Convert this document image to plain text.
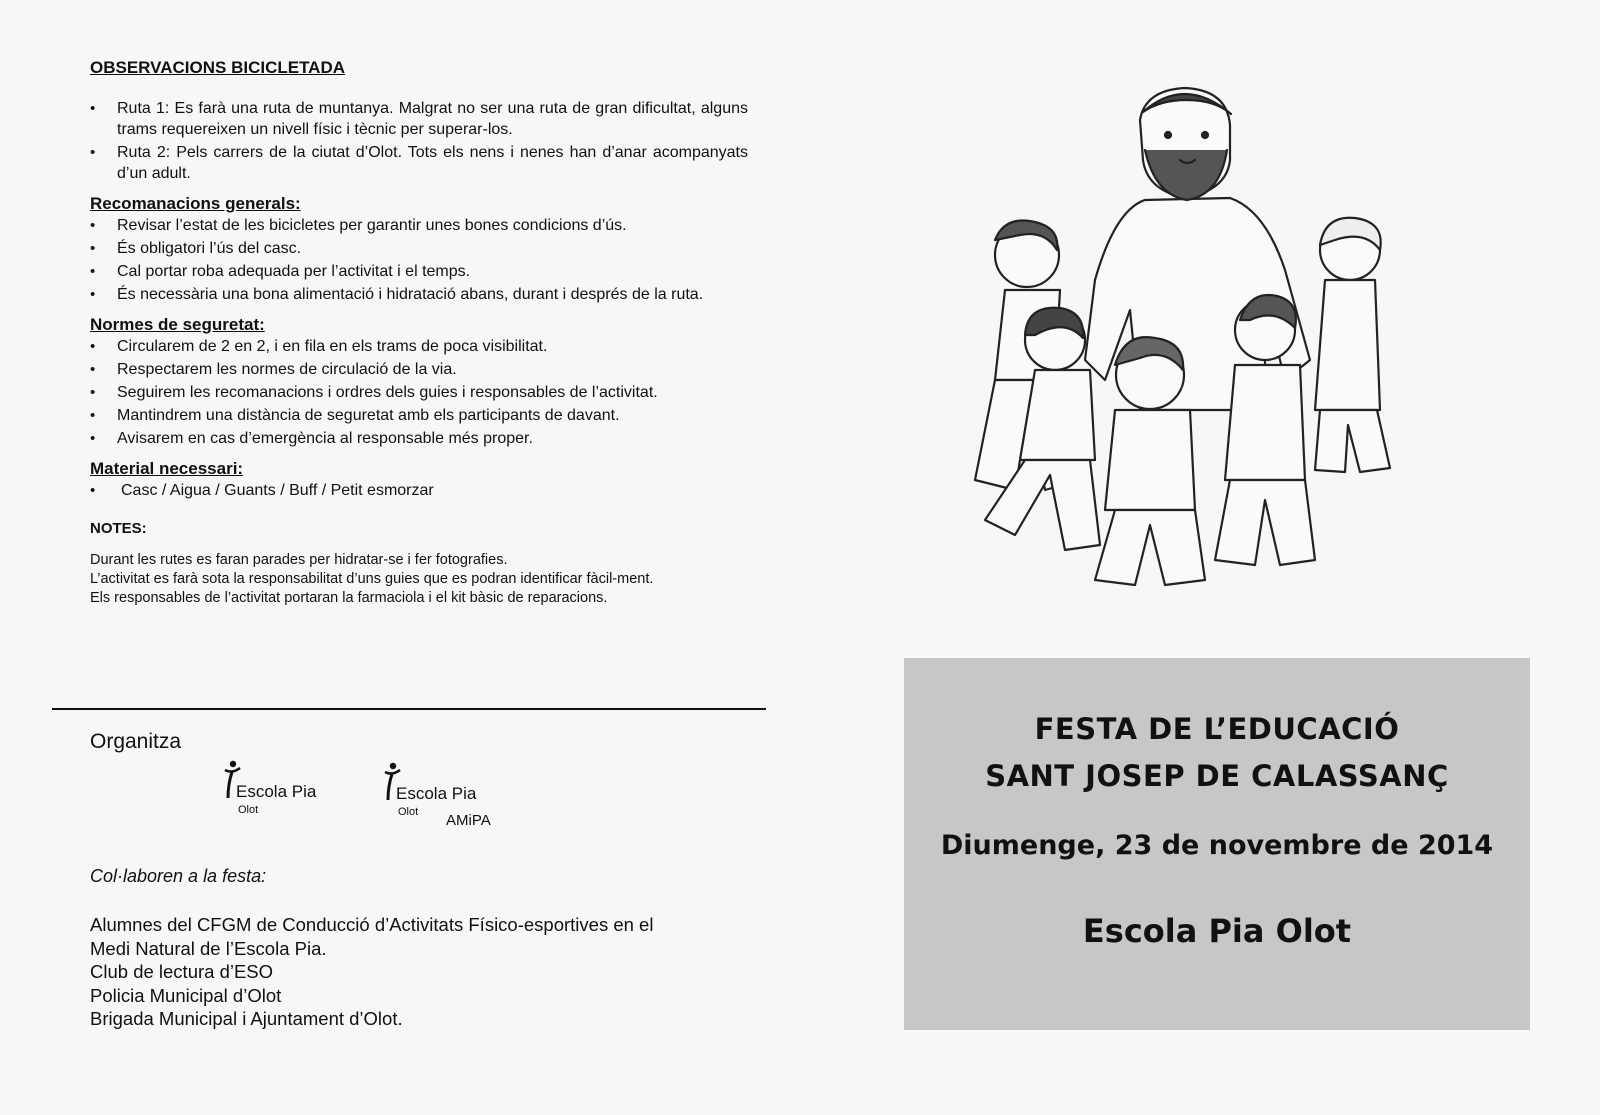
OBSERVACIONS BICICLETADA
• Ruta 1: Es farà una ruta de muntanya. Malgrat no ser una ruta de gran dificultat, alguns trams requereixen un nivell físic i tècnic per superar-los.
• Ruta 2: Pels carrers de la ciutat d’Olot. Tots els nens i nenes han d’anar acompanyats d’un adult.
Recomanacions generals:
• Revisar l’estat de les bicicletes per garantir unes bones condicions d’ús.
• És obligatori l’ús del casc.
• Cal portar roba adequada per l’activitat i el temps.
• És necessària una bona alimentació i hidratació abans, durant i després de la ruta.
Normes de seguretat:
• Circularem de 2 en 2, i en fila en els trams de poca visibilitat.
• Respectarem les normes de circulació de la via.
• Seguirem les recomanacions i ordres dels guies i responsables de l’activitat.
• Mantindrem una distància de seguretat amb els participants de davant.
• Avisarem en cas d’emergència al responsable més proper.
Material necessari:
• Casc / Aigua / Guants / Buff / Petit esmorzar
NOTES:

Durant les rutes es faran parades per hidratar-se i fer fotografies.

L’activitat es farà sota la responsabilitat d’uns guies que es podran identificar fàcil-ment.

Els responsables de l’activitat portaran la farmaciola i el kit bàsic de reparacions.

Organitza
Escola Pia
Olot
Escola Pia
Olot AMiPA
Col·laboren a la festa:
Alumnes del CFGM de Conducció d’Activitats Físico-esportives en el
Medi Natural de l’Escola Pia.
Club de lectura d’ESO
Policia Municipal d’Olot
Brigada Municipal i Ajuntament d’Olot.
FESTA DE L’EDUCACIÓ
SANT JOSEP DE CALASSANÇ
Diumenge, 23 de novembre de 2014
Escola Pia Olot
